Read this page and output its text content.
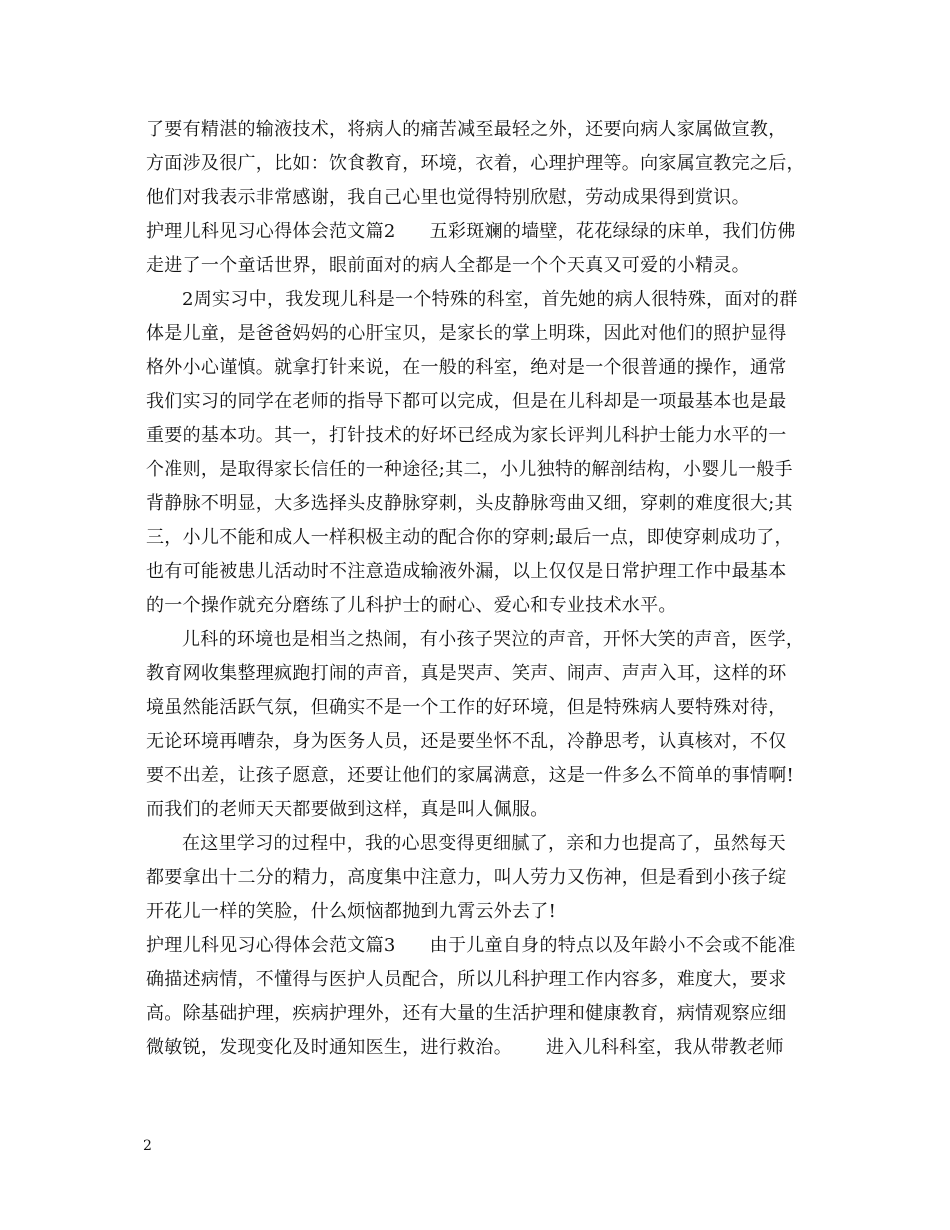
了要有精湛的输液技术，将病人的痛苦减至最轻之外，还要向病人家属做宣教，
方面涉及很广，比如：饮食教育，环境，衣着，心理护理等。向家属宣教完之后，
他们对我表示非常感谢，我自己心里也觉得特别欣慰，劳动成果得到赏识。
护理儿科见习心得体会范文篇2 五彩斑斓的墙壁，花花绿绿的床单，我们仿佛
走进了一个童话世界，眼前面对的病人全都是一个个天真又可爱的小精灵。
2周实习中，我发现儿科是一个特殊的科室，首先她的病人很特殊，面对的群
体是儿童，是爸爸妈妈的心肝宝贝，是家长的掌上明珠，因此对他们的照护显得
格外小心谨慎。就拿打针来说，在一般的科室，绝对是一个很普通的操作，通常
我们实习的同学在老师的指导下都可以完成，但是在儿科却是一项最基本也是最
重要的基本功。其一，打针技术的好坏已经成为家长评判儿科护士能力水平的一
个准则，是取得家长信任的一种途径;其二，小儿独特的解剖结构，小婴儿一般手
背静脉不明显，大多选择头皮静脉穿刺，头皮静脉弯曲又细，穿刺的难度很大;其
三，小儿不能和成人一样积极主动的配合你的穿刺;最后一点，即使穿刺成功了，
也有可能被患儿活动时不注意造成输液外漏，以上仅仅是日常护理工作中最基本
的一个操作就充分磨练了儿科护士的耐心、爱心和专业技术水平。
儿科的环境也是相当之热闹，有小孩子哭泣的声音，开怀大笑的声音，医学，
教育网收集整理疯跑打闹的声音，真是哭声、笑声、闹声、声声入耳，这样的环
境虽然能活跃气氛，但确实不是一个工作的好环境，但是特殊病人要特殊对待，
无论环境再嘈杂，身为医务人员，还是要坐怀不乱，冷静思考，认真核对，不仅
要不出差，让孩子愿意，还要让他们的家属满意，这是一件多么不简单的事情啊!
而我们的老师天天都要做到这样，真是叫人佩服。
在这里学习的过程中，我的心思变得更细腻了，亲和力也提高了，虽然每天
都要拿出十二分的精力，高度集中注意力，叫人劳力又伤神，但是看到小孩子绽
开花儿一样的笑脸，什么烦恼都抛到九霄云外去了!
护理儿科见习心得体会范文篇3 由于儿童自身的特点以及年龄小不会或不能准
确描述病情，不懂得与医护人员配合，所以儿科护理工作内容多，难度大，要求
高。除基础护理，疾病护理外，还有大量的生活护理和健康教育，病情观察应细
微敏锐，发现变化及时通知医生，进行救治。 进入儿科科室，我从带教老师
2
